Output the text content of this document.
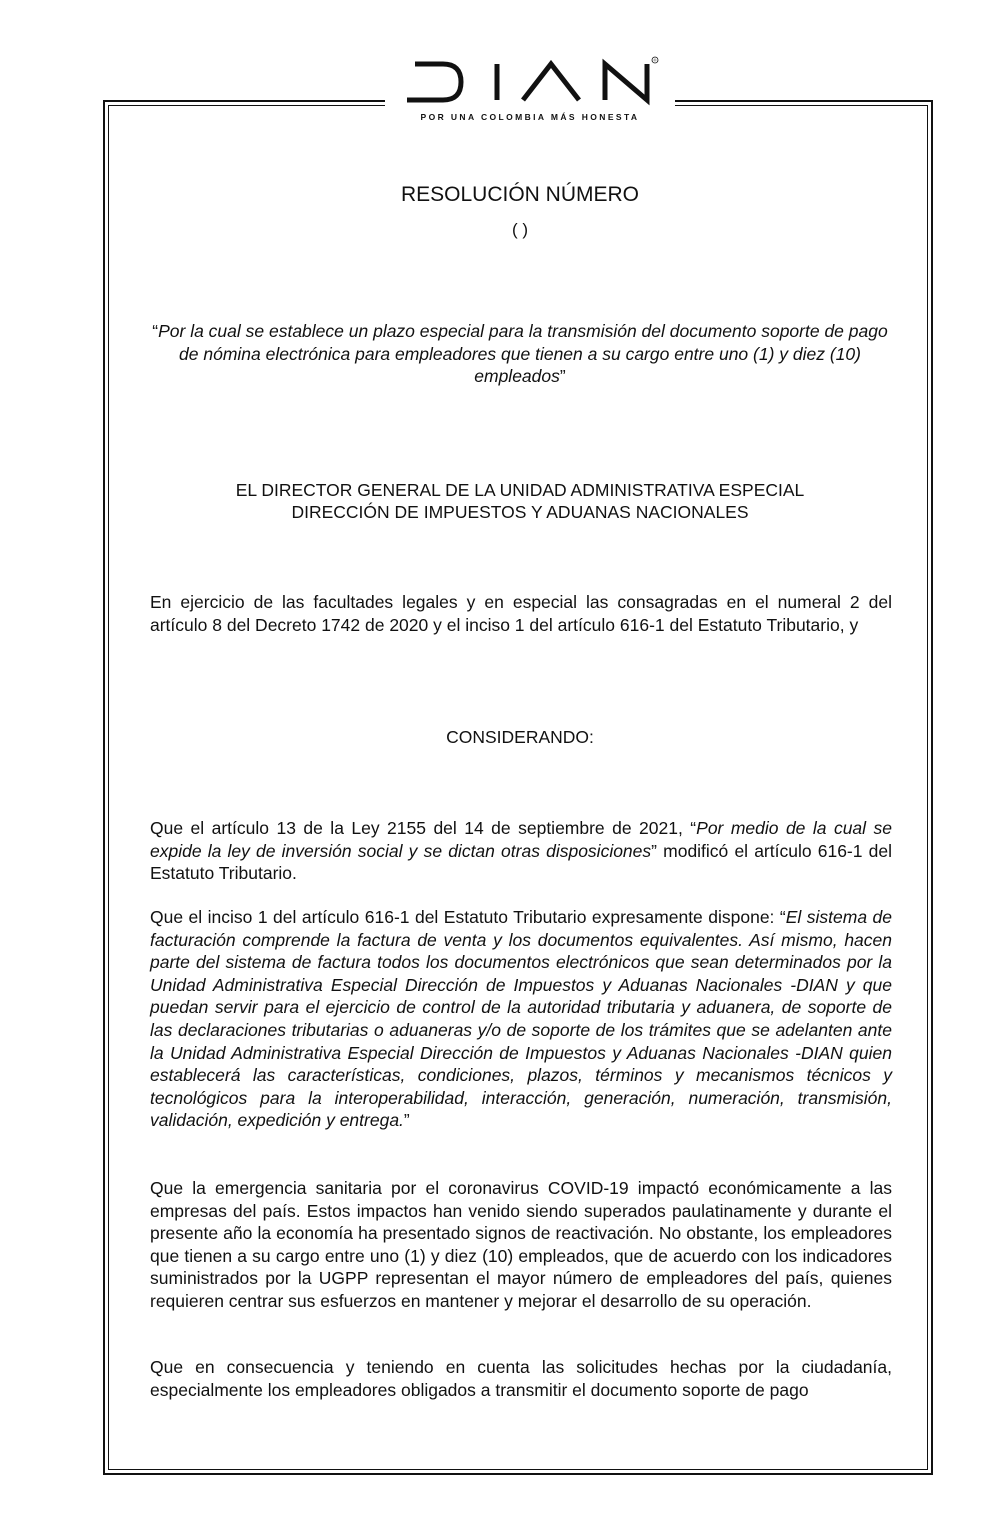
®
POR UNA COLOMBIA MÁS HONESTA
RESOLUCIÓN NÚMERO
( )
“Por la cual se establece un plazo especial para la transmisión del documento soporte de pago de nómina electrónica para empleadores que tienen a su cargo entre uno (1) y diez (10) empleados”
EL DIRECTOR GENERAL DE LA UNIDAD ADMINISTRATIVA ESPECIAL
DIRECCIÓN DE IMPUESTOS Y ADUANAS NACIONALES

En ejercicio de las facultades legales y en especial las consagradas en el numeral 2 del artículo 8 del Decreto 1742 de 2020 y el inciso 1 del artículo 616-1 del Estatuto Tributario, y

CONSIDERANDO:

Que el artículo 13 de la Ley 2155 del 14 de septiembre de 2021, “Por medio de la cual se expide la ley de inversión social y se dictan otras disposiciones” modificó el artículo 616-1 del Estatuto Tributario.

Que el inciso 1 del artículo 616-1 del Estatuto Tributario expresamente dispone: “El sistema de facturación comprende la factura de venta y los documentos equivalentes. Así mismo, hacen parte del sistema de factura todos los documentos electrónicos que sean determinados por la Unidad Administrativa Especial Dirección de Impuestos y Aduanas Nacionales -DIAN y que puedan servir para el ejercicio de control de la autoridad tributaria y aduanera, de soporte de las declaraciones tributarias o aduaneras y/o de soporte de los trámites que se adelanten ante la Unidad Administrativa Especial Dirección de Impuestos y Aduanas Nacionales -DIAN quien establecerá las características, condiciones, plazos, términos y mecanismos técnicos y tecnológicos para la interoperabilidad, interacción, generación, numeración, transmisión, validación, expedición y entrega.”

Que la emergencia sanitaria por el coronavirus COVID-19 impactó económicamente a las empresas del país. Estos impactos han venido siendo superados paulatinamente y durante el presente año la economía ha presentado signos de reactivación. No obstante, los empleadores que tienen a su cargo entre uno (1) y diez (10) empleados, que de acuerdo con los indicadores suministrados por la UGPP representan el mayor número de empleadores del país, quienes requieren centrar sus esfuerzos en mantener y mejorar el desarrollo de su operación.

Que en consecuencia y teniendo en cuenta las solicitudes hechas por la ciudadanía, especialmente los empleadores obligados a transmitir el documento soporte de pago
